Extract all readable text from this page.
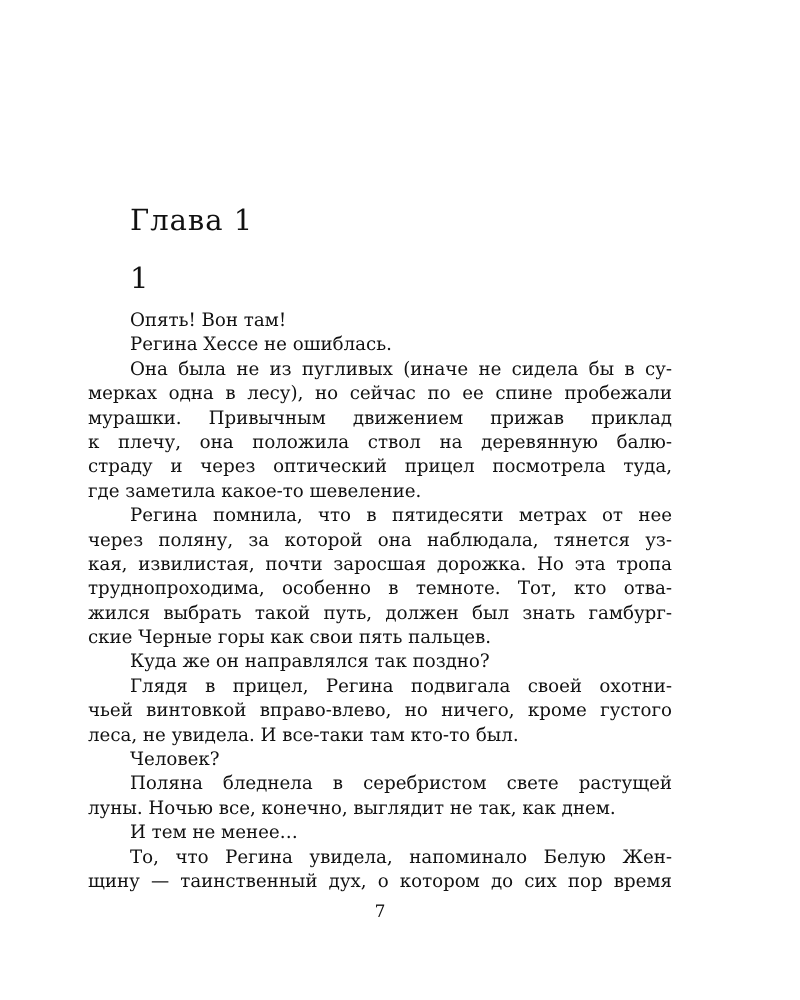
Глава 1
1
Опять! Вон там!
Регина Хессе не ошиблась.
Она была не из пугливых (иначе не сидела бы в су-
мерках одна в лесу), но сейчас по ее спине пробежали
мурашки. Привычным движением прижав приклад
к плечу, она положила ствол на деревянную балю-
страду и через оптический прицел посмотрела туда,
где заметила какое-то шевеление.
Регина помнила, что в пятидесяти метрах от нее
через поляну, за которой она наблюдала, тянется уз-
кая, извилистая, почти заросшая дорожка. Но эта тропа
труднопроходима, особенно в темноте. Тот, кто отва-
жился выбрать такой путь, должен был знать гамбург-
ские Черные горы как свои пять пальцев.
Куда же он направлялся так поздно?
Глядя в прицел, Регина подвигала своей охотни-
чьей винтовкой вправо-влево, но ничего, кроме густого
леса, не увидела. И все-таки там кто-то был.
Человек?
Поляна бледнела в серебристом свете растущей
луны. Ночью все, конечно, выглядит не так, как днем.
И тем не менее…
То, что Регина увидела, напоминало Белую Жен-
щину — таинственный дух, о котором до сих пор время
7
